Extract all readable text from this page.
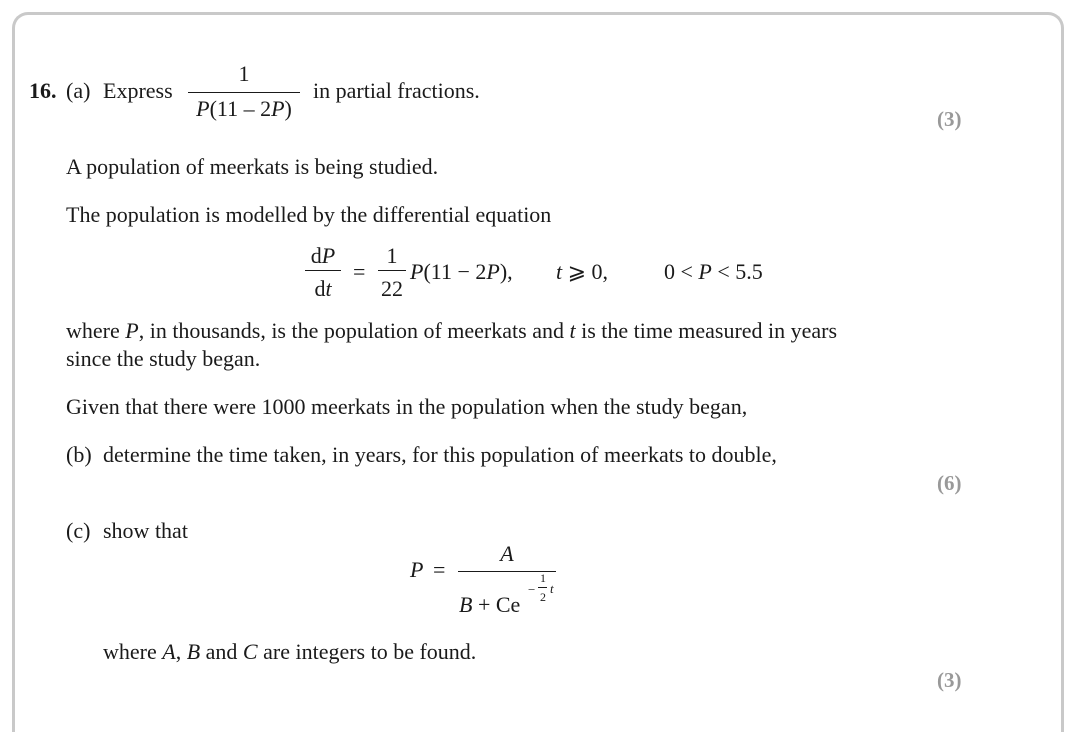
16. (a) Express
1
P(11 – 2P)
in partial fractions.
(3)
A population of meerkats is being studied.
The population is modelled by the differential equation
dP
dt
=
1
22
P(11 − 2P), t ⩾ 0,	0 < P < 5.5
where P, in thousands, is the population of meerkats and t is the time measured in years
since the study began.
Given that there were 1000 meerkats in the population when the study began,
(b) determine the time taken, in years, for this population of meerkats to double,
(6)
(c) show that
P =
A
B + Ce
−
1
2
t
where A, B and C are integers to be found.
(3)
